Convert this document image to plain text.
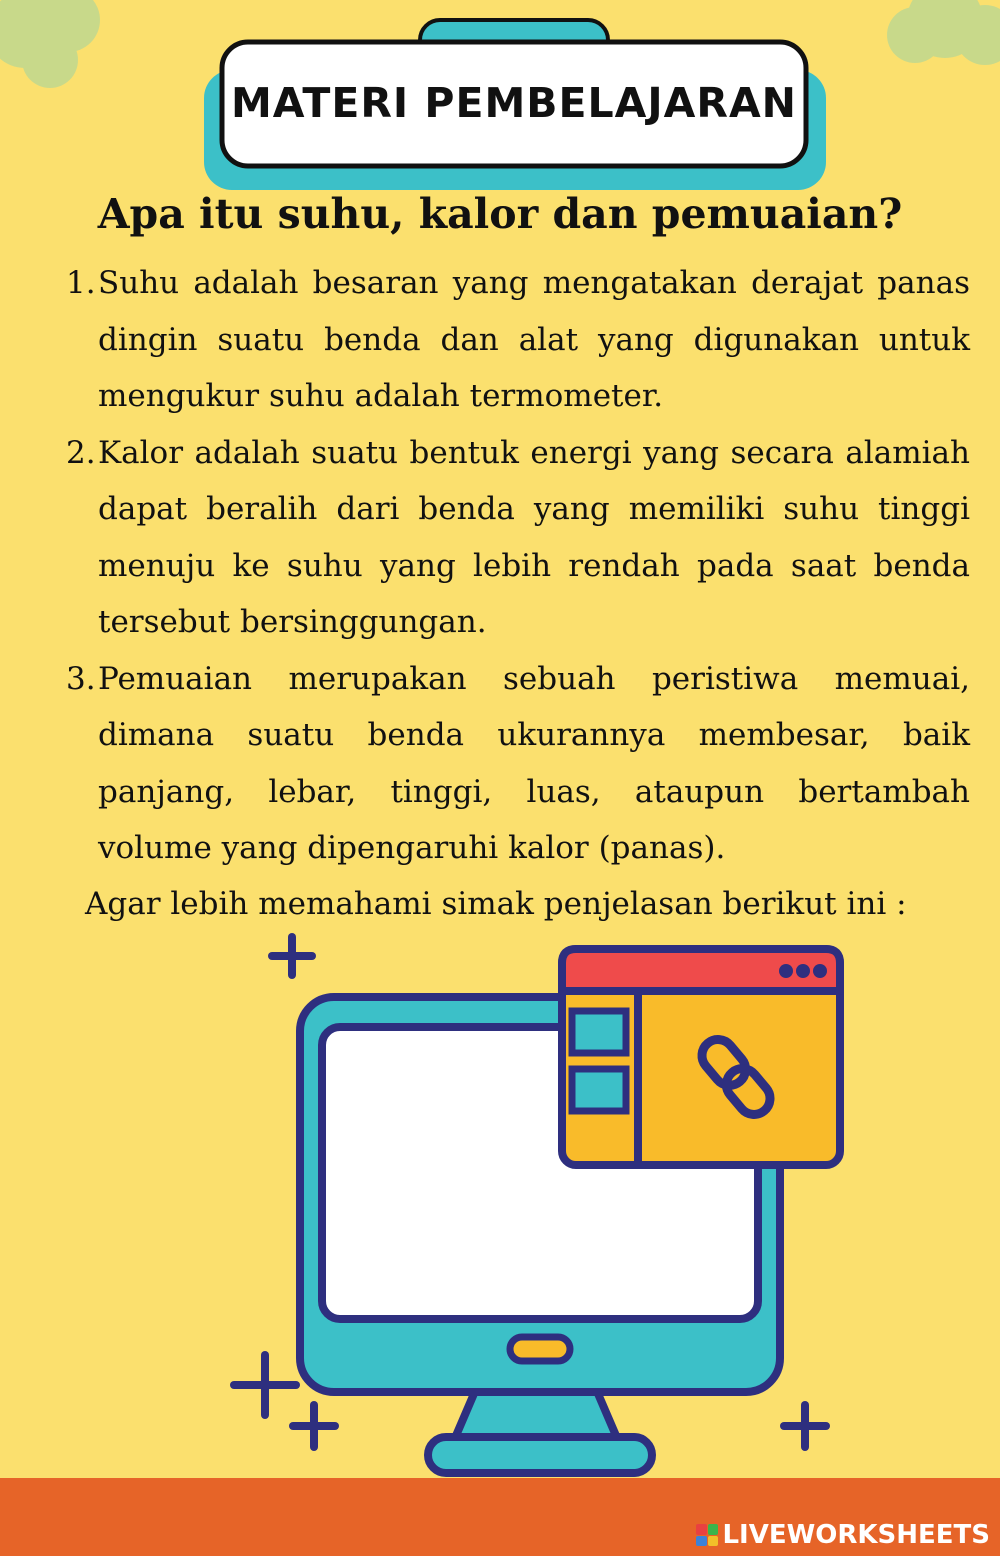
MATERI PEMBELAJARAN
Apa itu suhu, kalor dan pemuaian?
1. Suhu adalah besaran yang mengatakan derajat panas dingin suatu benda dan alat yang digunakan untuk mengukur suhu adalah termometer.
2. Kalor adalah suatu bentuk energi yang secara alamiah dapat beralih dari benda yang memiliki suhu tinggi menuju ke suhu yang lebih rendah pada saat benda tersebut bersinggungan.
3. Pemuaian merupakan sebuah peristiwa memuai, dimana suatu benda ukurannya membesar, baik panjang, lebar, tinggi, luas, ataupun bertambah volume yang dipengaruhi kalor (panas).
Agar lebih memahami simak penjelasan berikut ini :
LIVEWORKSHEETS
